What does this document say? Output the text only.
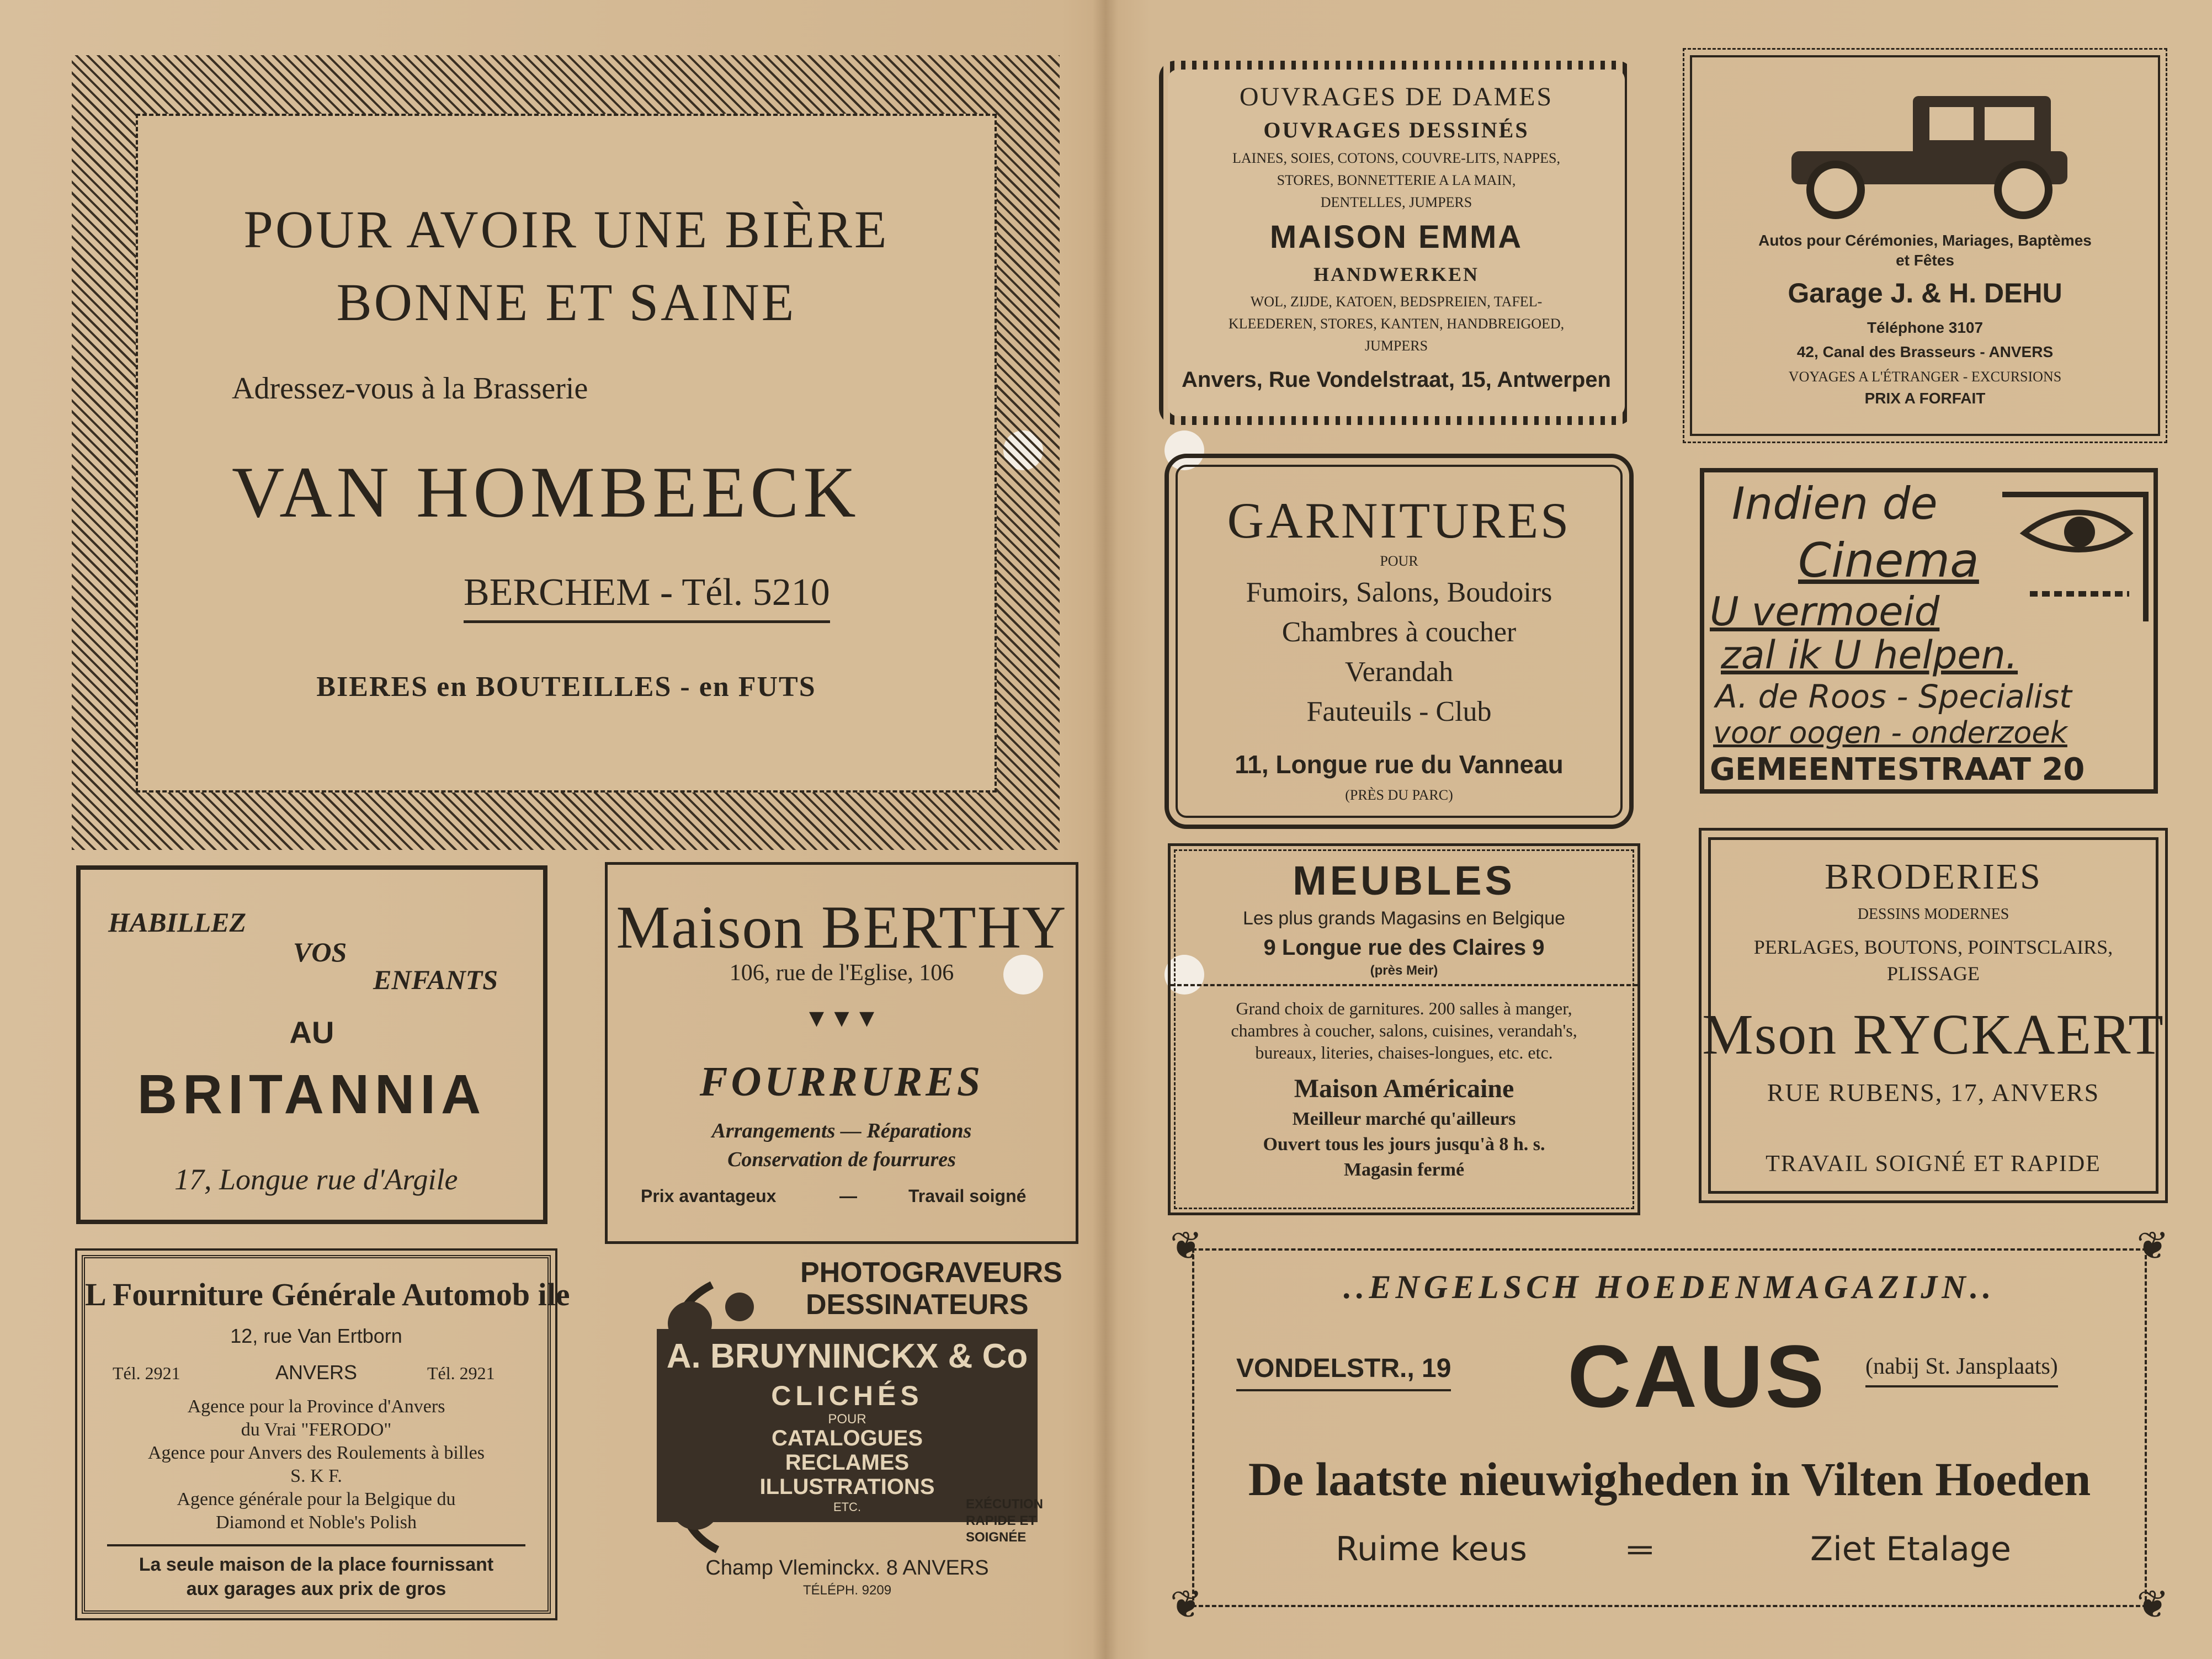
POUR AVOIR UNE BIÈRE
BONNE ET SAINE
Adressez-vous à la Brasserie
VAN HOMBEECK
BERCHEM - Tél. 5210
BIERES en BOUTEILLES - en FUTS
HABILLEZ
VOS
ENFANTS
AU
BRITANNIA
17, Longue rue d'Argile
Maison BERTHY
106, rue de l'Eglise, 106
▼▼▼
FOURRURES
Arrangements — Réparations
Conservation de fourrures
Prix avantageux	—	Travail soigné
L Fourniture Générale Automob ile
12, rue Van Ertborn
Tél. 2921	ANVERS	Tél. 2921
Agence pour la Province d'Anvers
du Vrai "FERODO"
Agence pour Anvers des Roulements à billes
S. K F.
Agence générale pour la Belgique du
Diamond et Noble's Polish
La seule maison de la place fournissant
aux garages aux prix de gros
PHOTOGRAVEURS
DESSINATEURS
A. BRUYNINCKX & Co
CLICHÉS
POUR
CATALOGUES
RECLAMES
ILLUSTRATIONS
ETC.	EXÉCUTION
RAPIDE ET
SOIGNÉE
Champ Vleminckx. 8 ANVERS
TÉLÉPH. 9209
OUVRAGES DE DAMES
OUVRAGES DESSINÉS
LAINES, SOIES, COTONS, COUVRE-LITS, NAPPES,
STORES, BONNETTERIE A LA MAIN,
DENTELLES, JUMPERS
MAISON EMMA
HANDWERKEN
WOL, ZIJDE, KATOEN, BEDSPREIEN, TAFEL-
KLEEDEREN, STORES, KANTEN, HANDBREIGOED,
JUMPERS
Anvers, Rue Vondelstraat, 15, Antwerpen
Autos pour Cérémonies, Mariages, Baptèmes
et Fêtes
Garage J. & H. DEHU
Téléphone 3107
42, Canal des Brasseurs - ANVERS
VOYAGES A L'ÉTRANGER - EXCURSIONS
PRIX A FORFAIT
GARNITURES
POUR
Fumoirs, Salons, Boudoirs
Chambres à coucher
Verandah
Fauteuils - Club
11, Longue rue du Vanneau
(PRÈS DU PARC)
Indien de
Cinema
U vermoeid
zal ik U helpen.
A. de Roos - Specialist
voor oogen - onderzoek
GEMEENTESTRAAT 20
MEUBLES
Les plus grands Magasins en Belgique
9 Longue rue des Claires 9
(près Meir)
Grand choix de garnitures. 200 salles à manger,
chambres à coucher, salons, cuisines, verandah's,
bureaux, literies, chaises-longues, etc. etc.
Maison Américaine
Meilleur marché qu'ailleurs
Ouvert tous les jours jusqu'à 8 h. s.
Magasin fermé
BRODERIES
DESSINS MODERNES
PERLAGES, BOUTONS, POINTSCLAIRS,
PLISSAGE
Mson RYCKAERT
RUE RUBENS, 17, ANVERS
TRAVAIL SOIGNÉ ET RAPIDE
❦	❦
❦	❦
..ENGELSCH HOEDENMAGAZIJN..
VONDELSTR., 19 CAUS (nabij St. Jansplaats)
De laatste nieuwigheden in Vilten Hoeden
Ruime keus	═	Ziet Etalage
